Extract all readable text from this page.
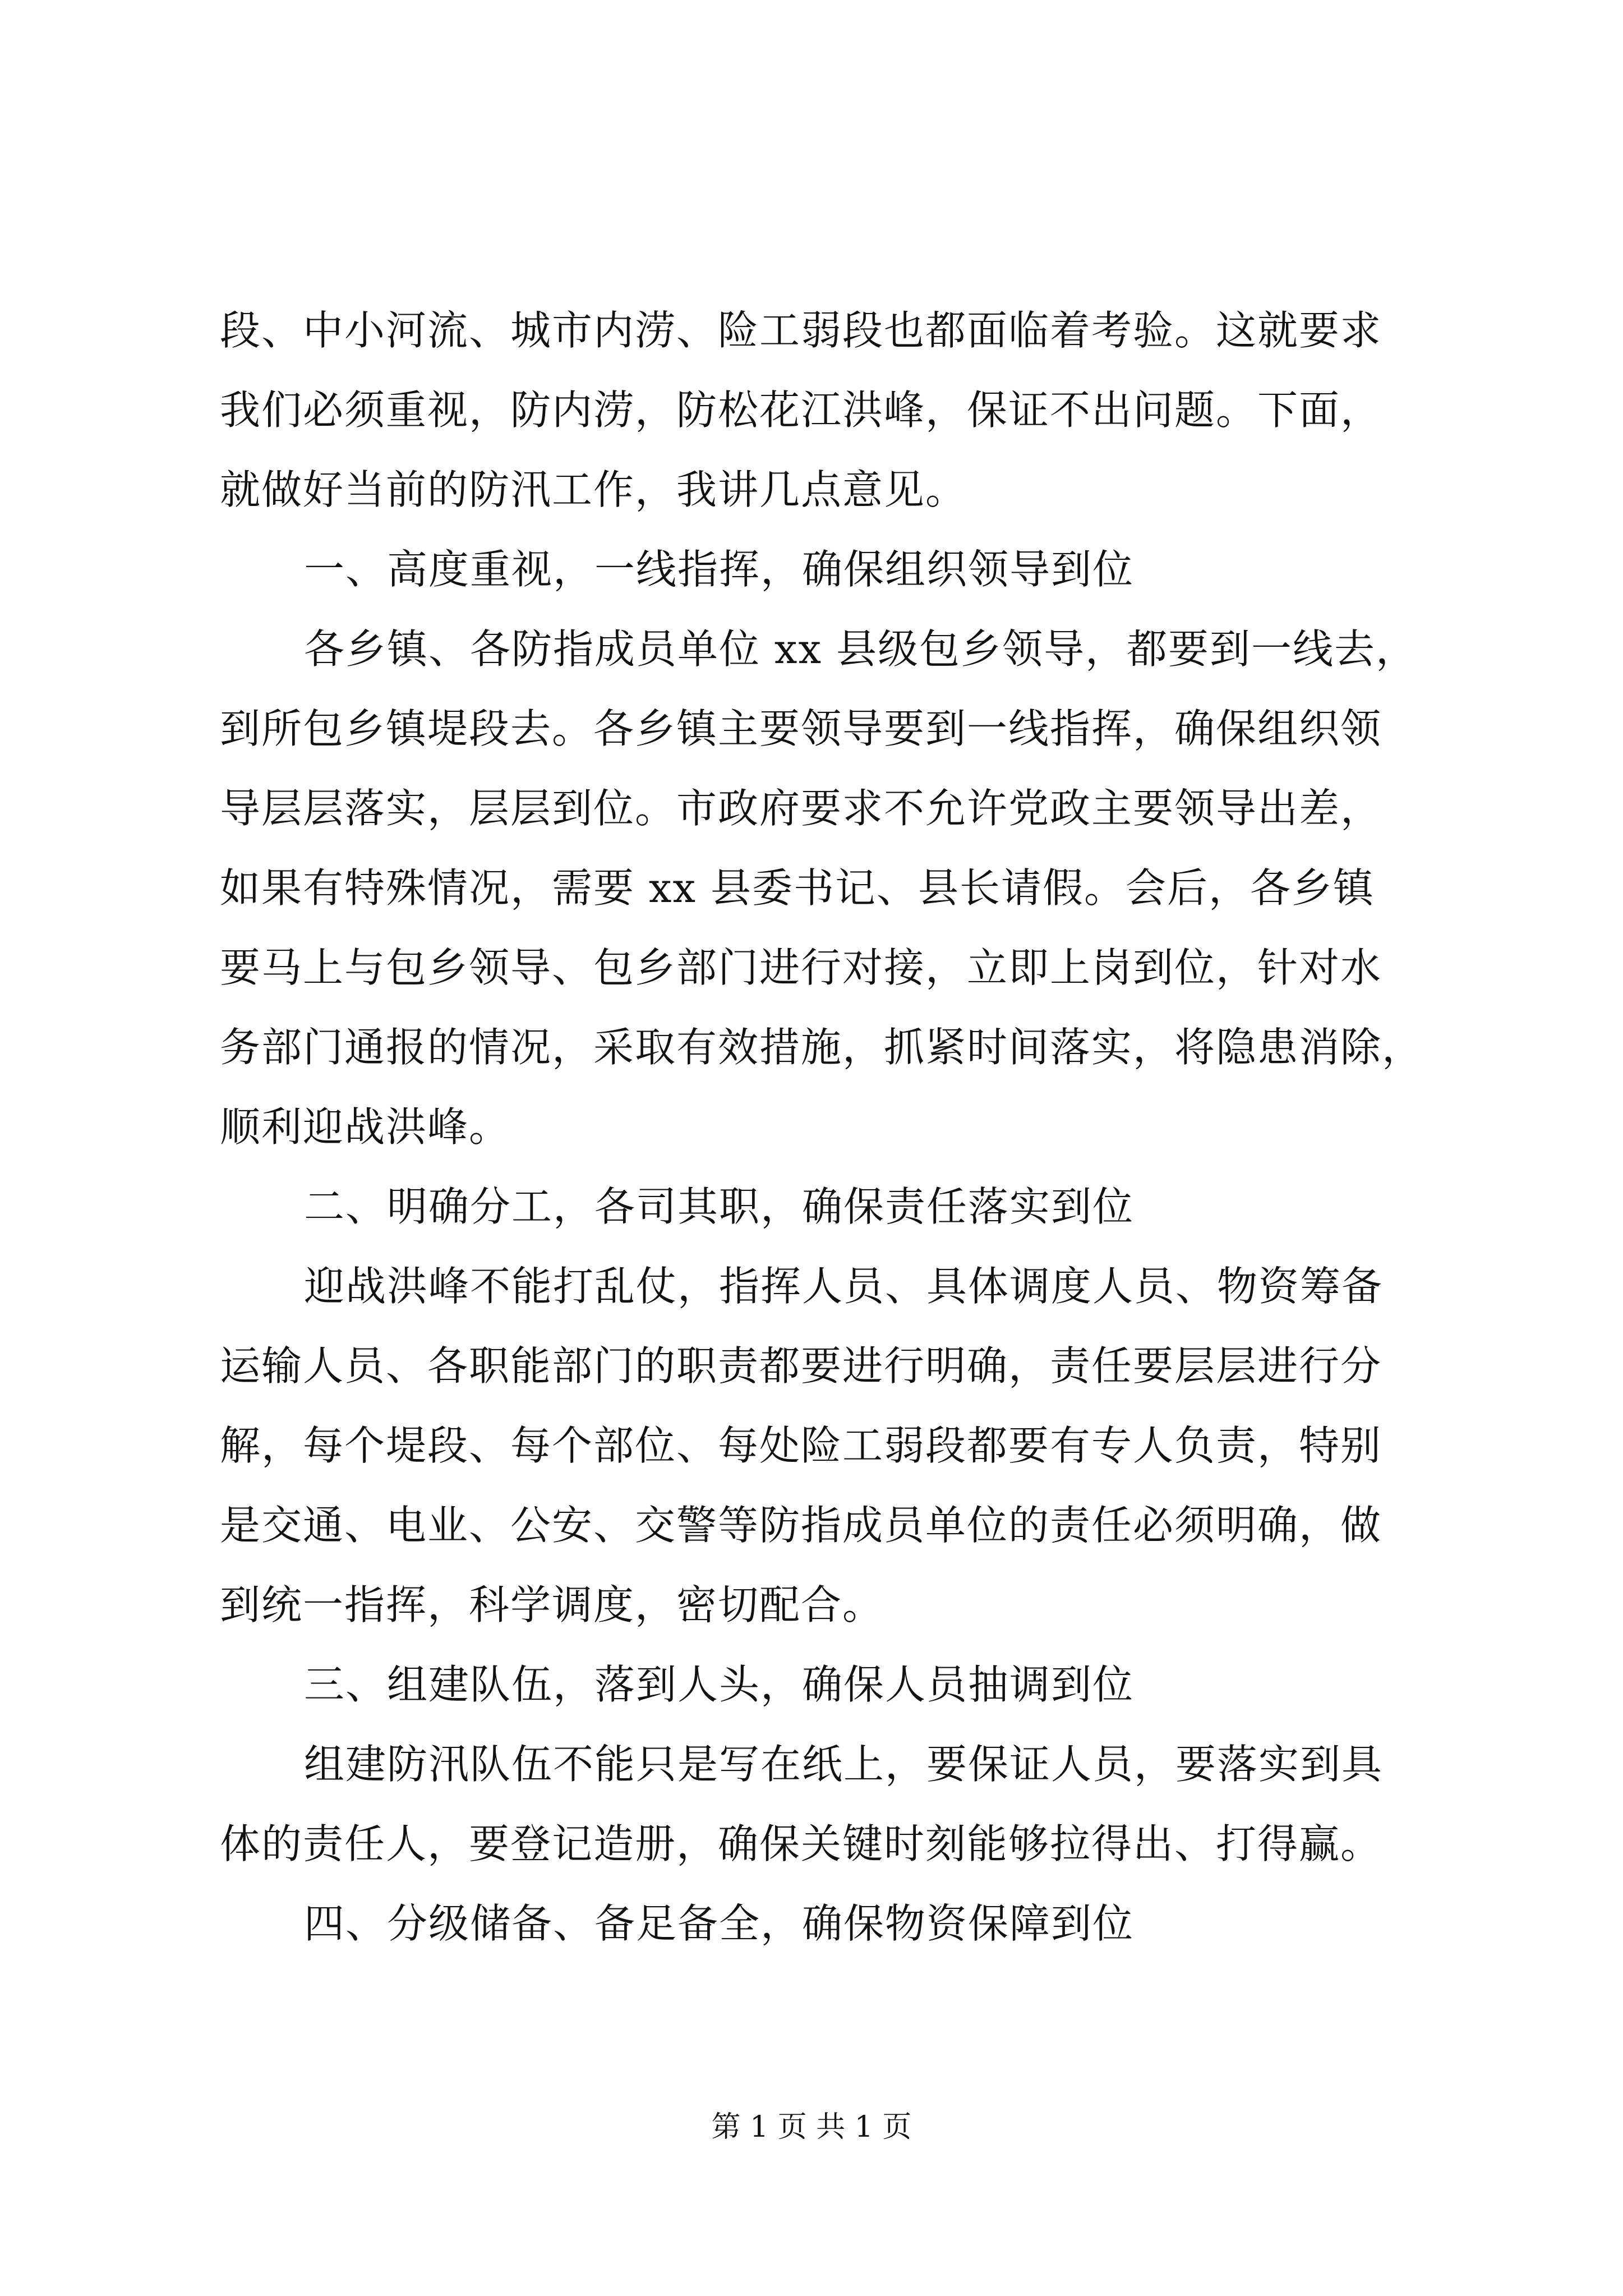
段、中小河流、城市内涝、险工弱段也都面临着考验。这就要求
我们必须重视，防内涝，防松花江洪峰，保证不出问题。下面，
就做好当前的防汛工作，我讲几点意见。
一、高度重视，一线指挥，确保组织领导到位
各乡镇、各防指成员单位 xx 县级包乡领导，都要到一线去，
到所包乡镇堤段去。各乡镇主要领导要到一线指挥，确保组织领
导层层落实，层层到位。市政府要求不允许党政主要领导出差，
如果有特殊情况，需要 xx 县委书记、县长请假。会后，各乡镇
要马上与包乡领导、包乡部门进行对接，立即上岗到位，针对水
务部门通报的情况，采取有效措施，抓紧时间落实，将隐患消除，
顺利迎战洪峰。
二、明确分工，各司其职，确保责任落实到位
迎战洪峰不能打乱仗，指挥人员、具体调度人员、物资筹备
运输人员、各职能部门的职责都要进行明确，责任要层层进行分
解，每个堤段、每个部位、每处险工弱段都要有专人负责，特别
是交通、电业、公安、交警等防指成员单位的责任必须明确，做
到统一指挥，科学调度，密切配合。
三、组建队伍，落到人头，确保人员抽调到位
组建防汛队伍不能只是写在纸上，要保证人员，要落实到具
体的责任人，要登记造册，确保关键时刻能够拉得出、打得赢。
四、分级储备、备足备全，确保物资保障到位
第 1 页 共 1 页
